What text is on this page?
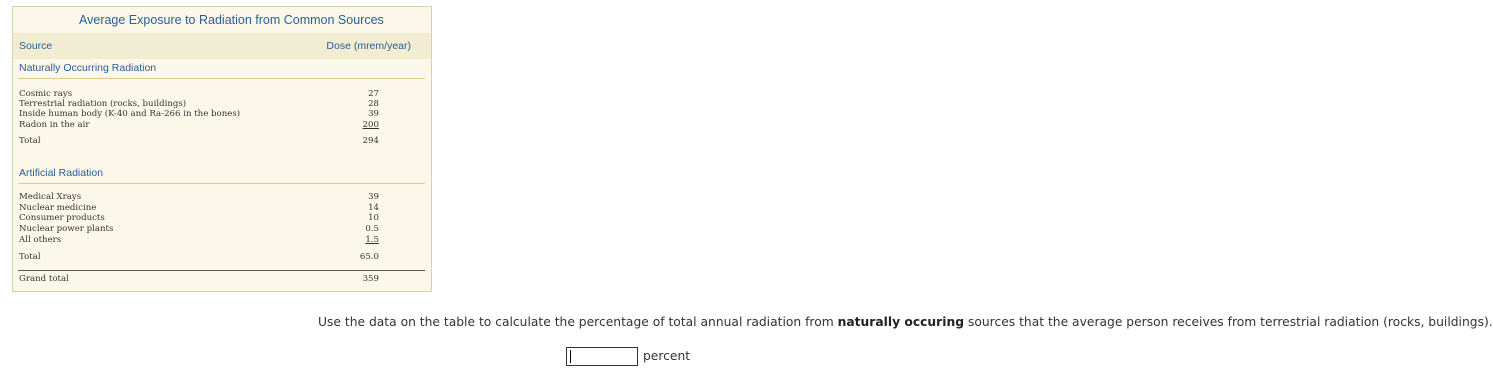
Average Exposure to Radiation from Common Sources
Source	Dose (mrem/year)
Naturally Occurring Radiation
Cosmic rays	27
Terrestrial radiation (rocks, buildings)	28
Inside human body (K-40 and Ra-266 in the bones)	39
Radon in the air	200
Total	294
Artificial Radiation
Medical Xrays	39
Nuclear medicine	14
Consumer products	10
Nuclear power plants	0.5
All others	1.5
Total	65.0
Grand total	359
Use the data on the table to calculate the percentage of total annual radiation from naturally occuring sources that the average person receives from terrestrial radiation (rocks, buildings).
percent
